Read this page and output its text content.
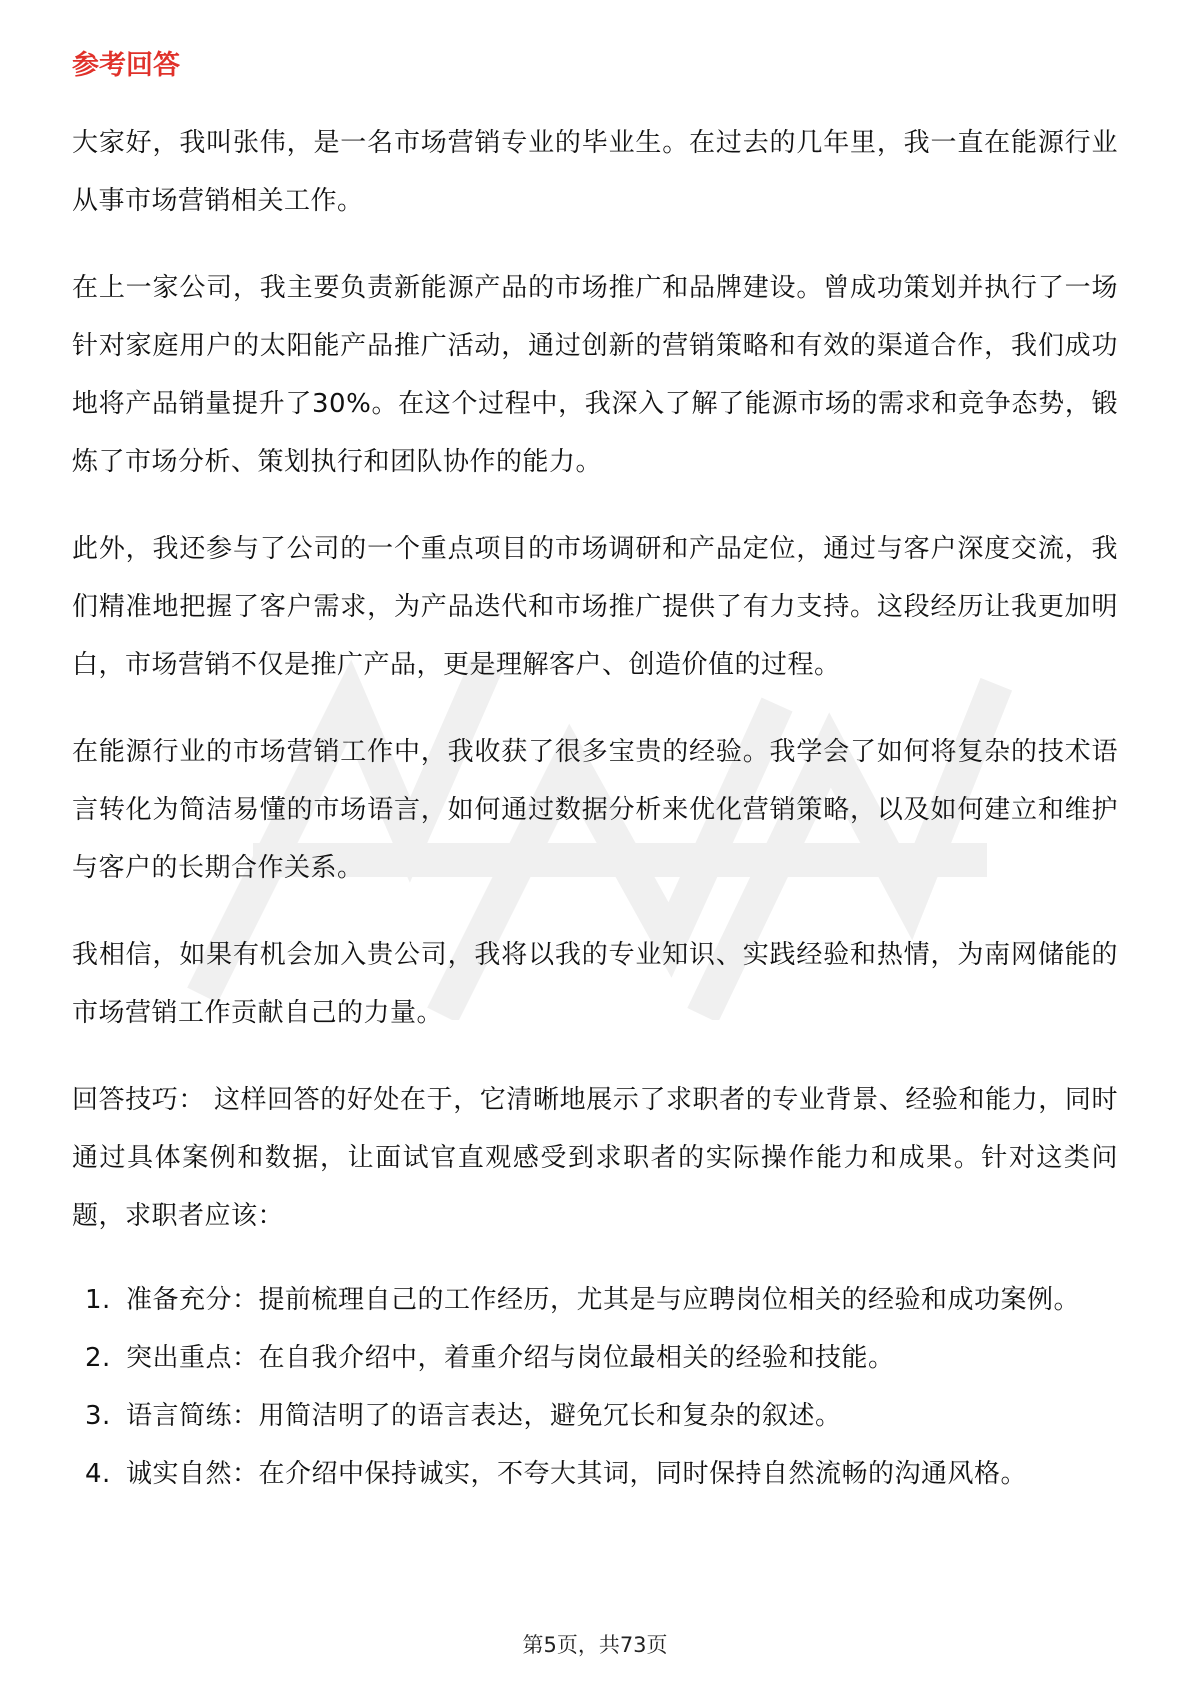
参考回答

大家好，我叫张伟，是一名市场营销专业的毕业生。在过去的几年里，我一直在能源行业从事市场营销相关工作。

在上一家公司，我主要负责新能源产品的市场推广和品牌建设。曾成功策划并执行了一场针对家庭用户的太阳能产品推广活动，通过创新的营销策略和有效的渠道合作，我们成功地将产品销量提升了30%。在这个过程中，我深入了解了能源市场的需求和竞争态势，锻炼了市场分析、策划执行和团队协作的能力。

此外，我还参与了公司的一个重点项目的市场调研和产品定位，通过与客户深度交流，我们精准地把握了客户需求，为产品迭代和市场推广提供了有力支持。这段经历让我更加明白，市场营销不仅是推广产品，更是理解客户、创造价值的过程。

在能源行业的市场营销工作中，我收获了很多宝贵的经验。我学会了如何将复杂的技术语言转化为简洁易懂的市场语言，如何通过数据分析来优化营销策略，以及如何建立和维护与客户的长期合作关系。

我相信，如果有机会加入贵公司，我将以我的专业知识、实践经验和热情，为南网储能的市场营销工作贡献自己的力量。

回答技巧： 这样回答的好处在于，它清晰地展示了求职者的专业背景、经验和能力，同时通过具体案例和数据，让面试官直观感受到求职者的实际操作能力和成果。针对这类问题，求职者应该：

1. 准备充分：提前梳理自己的工作经历，尤其是与应聘岗位相关的经验和成功案例。
2. 突出重点：在自我介绍中，着重介绍与岗位最相关的经验和技能。
3. 语言简练：用简洁明了的语言表达，避免冗长和复杂的叙述。
4. 诚实自然：在介绍中保持诚实，不夸大其词，同时保持自然流畅的沟通风格。
第5页，共73页
